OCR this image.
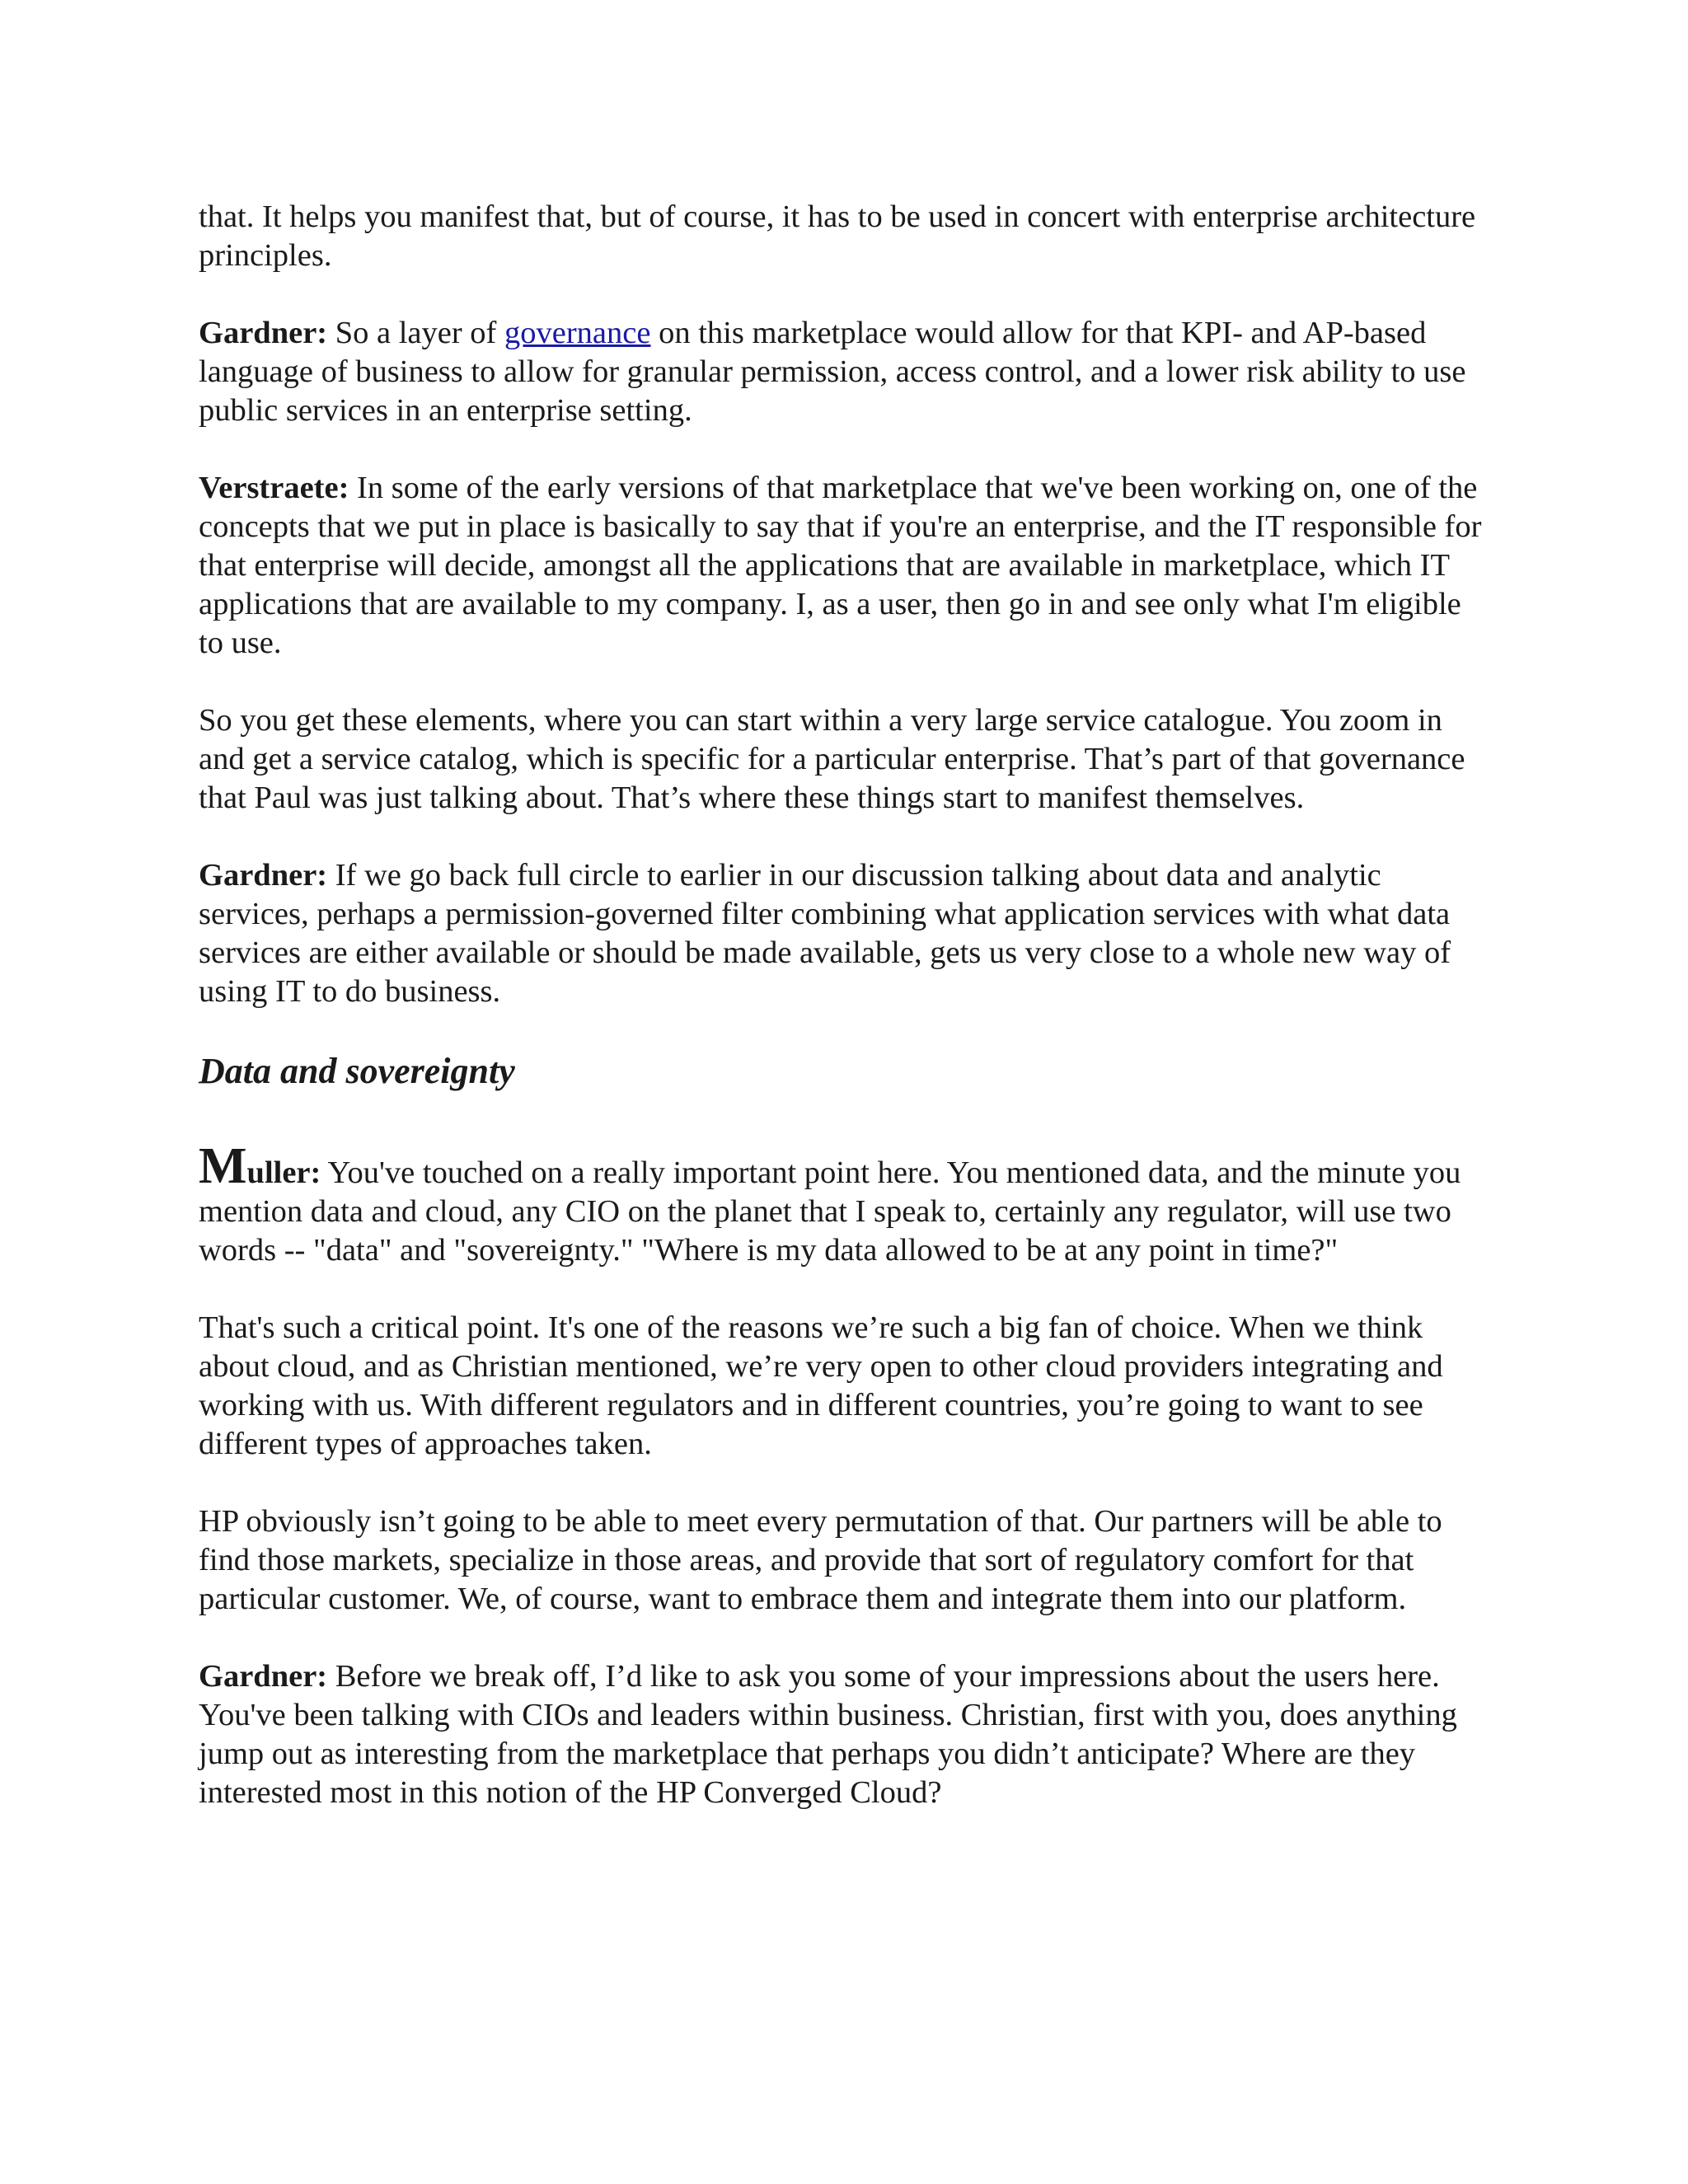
that. It helps you manifest that, but of course, it has to be used in concert with enterprise architecture principles.

Gardner: So a layer of governance on this marketplace would allow for that KPI- and AP-based language of business to allow for granular permission, access control, and a lower risk ability to use public services in an enterprise setting.

Verstraete: In some of the early versions of that marketplace that we've been working on, one of the concepts that we put in place is basically to say that if you're an enterprise, and the IT responsible for that enterprise will decide, amongst all the applications that are available in marketplace, which IT applications that are available to my company. I, as a user, then go in and see only what I'm eligible to use.

So you get these elements, where you can start within a very large service catalogue. You zoom in and get a service catalog, which is specific for a particular enterprise. That’s part of that governance that Paul was just talking about. That’s where these things start to manifest themselves.

Gardner: If we go back full circle to earlier in our discussion talking about data and analytic services, perhaps a permission-governed filter combining what application services with what data services are either available or should be made available, gets us very close to a whole new way of using IT to do business.

Data and sovereignty

Muller: You've touched on a really important point here. You mentioned data, and the minute you mention data and cloud, any CIO on the planet that I speak to, certainly any regulator, will use two words -- "data" and "sovereignty." "Where is my data allowed to be at any point in time?"

That's such a critical point. It's one of the reasons we’re such a big fan of choice. When we think about cloud, and as Christian mentioned, we’re very open to other cloud providers integrating and working with us. With different regulators and in different countries, you’re going to want to see different types of approaches taken.

HP obviously isn’t going to be able to meet every permutation of that. Our partners will be able to find those markets, specialize in those areas, and provide that sort of regulatory comfort for that particular customer. We, of course, want to embrace them and integrate them into our platform.

Gardner: Before we break off, I’d like to ask you some of your impressions about the users here. You've been talking with CIOs and leaders within business. Christian, first with you, does anything jump out as interesting from the marketplace that perhaps you didn’t anticipate? Where are they interested most in this notion of the HP Converged Cloud?
